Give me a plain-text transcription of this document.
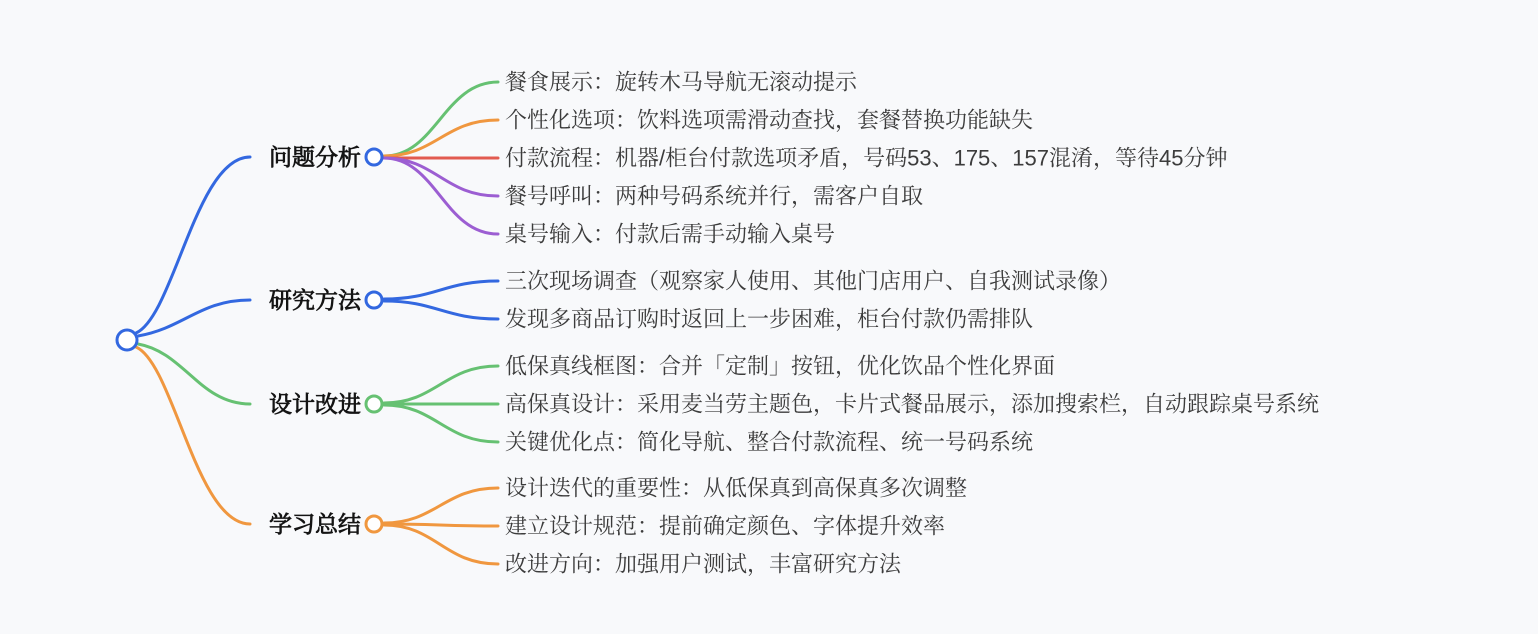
问题分析
研究方法
设计改进
学习总结
餐食展示：旋转木马导航无滚动提示
个性化选项：饮料选项需滑动查找，套餐替换功能缺失
付款流程：机器/柜台付款选项矛盾，号码53、175、157混淆，等待45分钟
餐号呼叫：两种号码系统并行，需客户自取
桌号输入：付款后需手动输入桌号
三次现场调查（观察家人使用、其他门店用户、自我测试录像）
发现多商品订购时返回上一步困难，柜台付款仍需排队
低保真线框图：合并「定制」按钮，优化饮品个性化界面
高保真设计：采用麦当劳主题色，卡片式餐品展示，添加搜索栏，自动跟踪桌号系统
关键优化点：简化导航、整合付款流程、统一号码系统
设计迭代的重要性：从低保真到高保真多次调整
建立设计规范：提前确定颜色、字体提升效率
改进方向：加强用户测试，丰富研究方法
